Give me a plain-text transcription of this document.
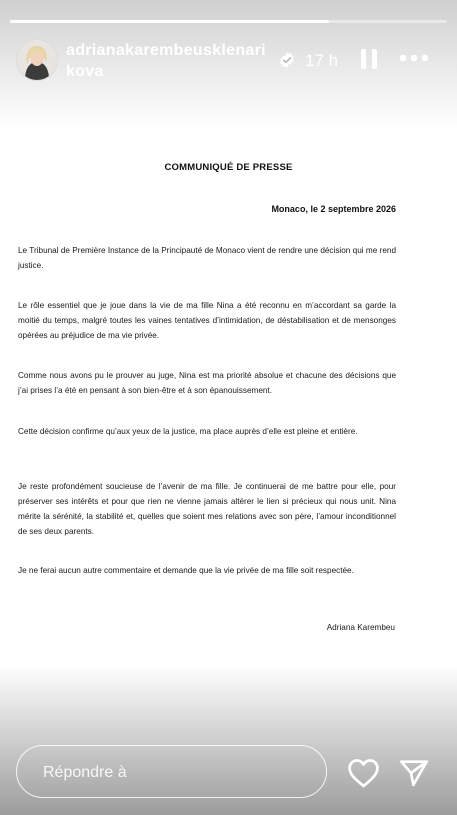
adrianakarembeusklenarikova
17 h
COMMUNIQUÉ DE PRESSE
Monaco, le 2 septembre 2026
Le Tribunal de Première Instance de la Principauté de Monaco vient de rendre une décision qui me rend justice.
Le rôle essentiel que je joue dans la vie de ma fille Nina a été reconnu en m’accordant sa garde la moitié du temps, malgré toutes les vaines tentatives d’intimidation, de déstabilisation et de mensonges opérées au préjudice de ma vie privée.
Comme nous avons pu le prouver au juge, Nina est ma priorité absolue et chacune des décisions que j’ai prises l’a été en pensant à son bien-être et à son épanouissement.
Cette décision confirme qu’aux yeux de la justice, ma place auprès d’elle est pleine et entière.
Je reste profondément soucieuse de l’avenir de ma fille. Je continuerai de me battre pour elle, pour préserver ses intérêts et pour que rien ne vienne jamais altérer le lien si précieux qui nous unit. Nina mérite la sérénité, la stabilité et, quelles que soient mes relations avec son père, l’amour inconditionnel de ses deux parents.
Je ne ferai aucun autre commentaire et demande que la vie privée de ma fille soit respectée.
Adriana Karembeu
Répondre à
